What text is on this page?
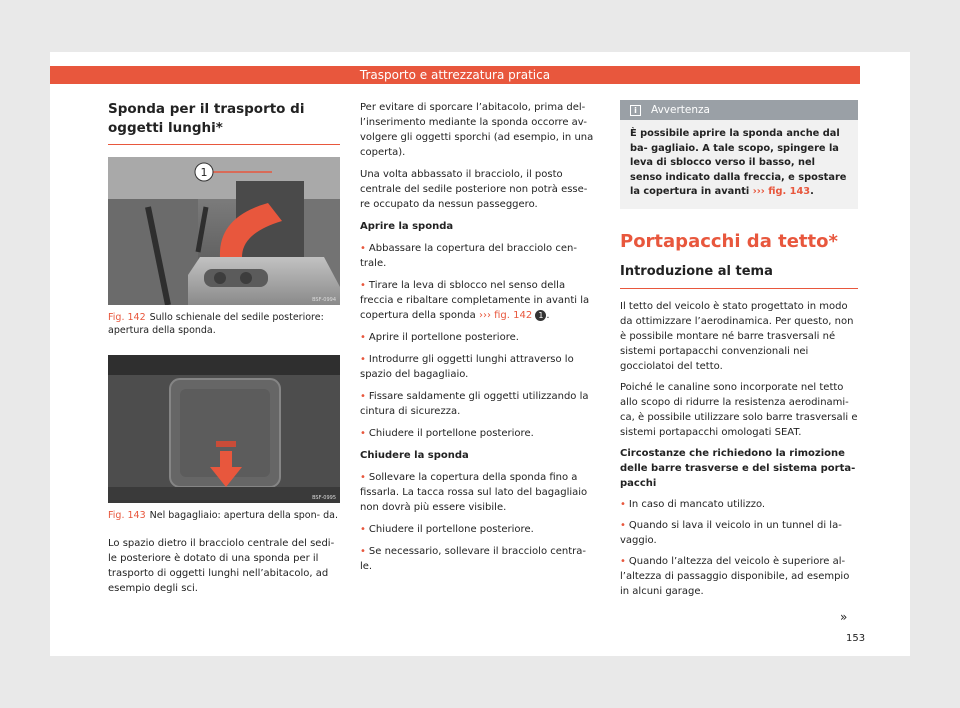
Trasporto e attrezzatura pratica
Sponda per il trasporto di oggetti lunghi*
1
BSF-0994
Fig. 142 Sullo schienale del sedile posteriore: apertura della sponda.
BSF-0995
Fig. 143 Nel bagagliaio: apertura della spon- da.

Lo spazio dietro il bracciolo centrale del sedi- le posteriore è dotato di una sponda per il trasporto di oggetti lunghi nell’abitacolo, ad esempio degli sci.

Per evitare di sporcare l’abitacolo, prima del- l’inserimento mediante la sponda occorre av- volgere gli oggetti sporchi (ad esempio, in una coperta).

Una volta abbassato il bracciolo, il posto centrale del sedile posteriore non potrà esse- re occupato da nessun passeggero.

Aprire la sponda

• Abbassare la copertura del bracciolo cen- trale.

• Tirare la leva di sblocco nel senso della freccia e ribaltare completamente in avanti la copertura della sponda ››› fig. 142 1 .

• Aprire il portellone posteriore.

• Introdurre gli oggetti lunghi attraverso lo spazio del bagagliaio.

• Fissare saldamente gli oggetti utilizzando la cintura di sicurezza.

• Chiudere il portellone posteriore.

Chiudere la sponda

• Sollevare la copertura della sponda fino a fissarla. La tacca rossa sul lato del bagagliaio non dovrà più essere visibile.

• Chiudere il portellone posteriore.

• Se necessario, sollevare il bracciolo centra- le.

i	Avvertenza
È possibile aprire la sponda anche dal ba- gagliaio. A tale scopo, spingere la leva di sblocco verso il basso, nel senso indicato dalla freccia, e spostare la copertura in avanti ››› fig. 143.
Portapacchi da tetto*
Introduzione al tema

Il tetto del veicolo è stato progettato in modo da ottimizzare l’aerodinamica. Per questo, non è possibile montare né barre trasversali né sistemi portapacchi convenzionali nei gocciolatoi del tetto.

Poiché le canaline sono incorporate nel tetto allo scopo di ridurre la resistenza aerodinami- ca, è possibile utilizzare solo barre trasversali e sistemi portapacchi omologati SEAT.

Circostanze che richiedono la rimozione delle barre trasverse e del sistema porta- pacchi

• In caso di mancato utilizzo.

• Quando si lava il veicolo in un tunnel di la- vaggio.

• Quando l’altezza del veicolo è superiore al- l’altezza di passaggio disponibile, ad esempio in alcuni garage.

»
153
